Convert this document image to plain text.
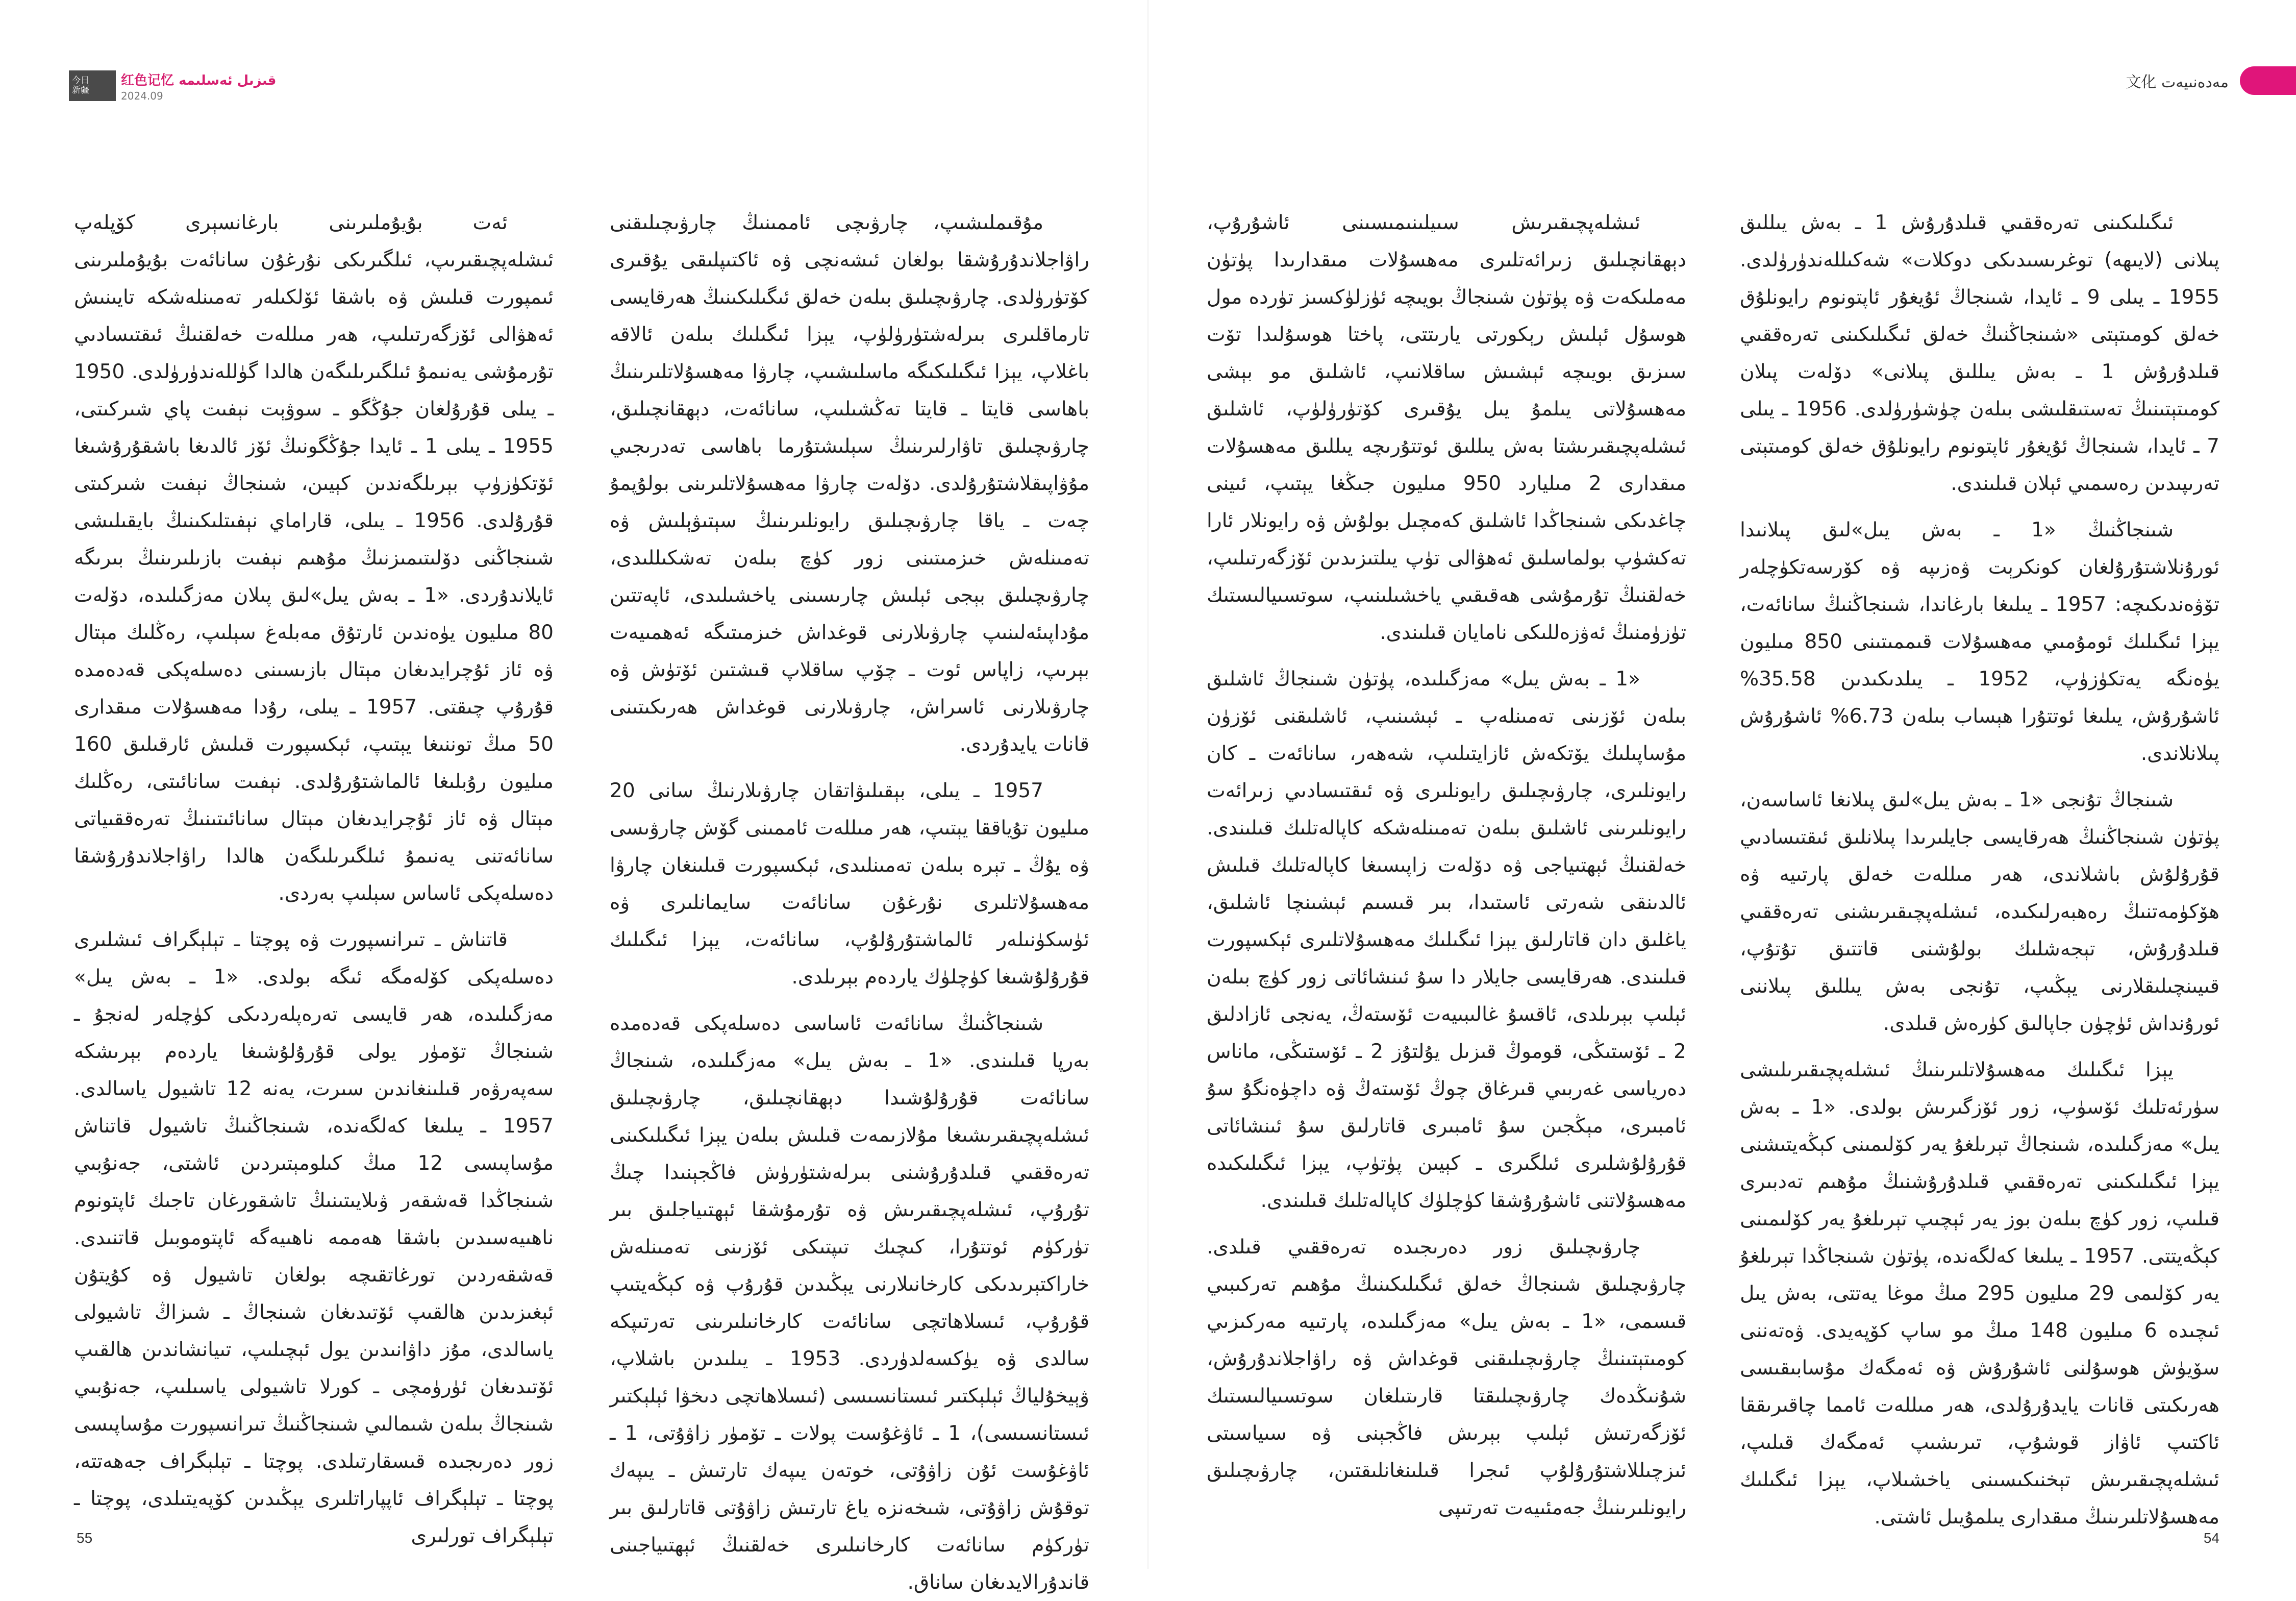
今日
新疆
قىزىل ئەسلىمە 红色记忆
2024.09
مەدەنىيەت 文化

ئىگىلىكىنى تەرەققىي قىلدۇرۇش 1 ـ بەش يىللىق پىلانى (لايىھە) توغرىسىدىكى دوكلات» شەكىللەندۈرۈلدى. 1955 ـ يىلى 9 ـ ئايدا، شىنجاڭ ئۇيغۇر ئاپتونوم رايونلۇق خەلق كومىتېتى «شىنجاڭنىڭ خەلق ئىگىلىكىنى تەرەققىي قىلدۇرۇش 1 ـ بەش يىللىق پىلانى» دۆلەت پىلان كومىتېتىنىڭ تەستىقلىشى بىلەن چۈشۈرۈلدى. 1956 ـ يىلى 7 ـ ئايدا، شىنجاڭ ئۇيغۇر ئاپتونوم رايونلۇق خەلق كومىتېتى تەرىپىدىن رەسمىي ئېلان قىلىندى.

شىنجاڭنىڭ «1 ـ بەش يىل»لىق پىلانىدا ئورۇنلاشتۇرۇلغان كونكرېت ۋەزىپە ۋە كۆرسەتكۈچلەر تۆۋەندىكىچە: 1957 ـ يىلىغا بارغاندا، شىنجاڭنىڭ سانائەت، يېزا ئىگىلىك ئومۇمىي مەھسۇلات قىممىتىنى 850 مىليون يۈەنگە يەتكۈزۈپ، 1952 ـ يىلدىكىدىن 35.58% ئاشۇرۇش، يىلىغا ئوتتۇرا ھېساب بىلەن 6.73% ئاشۇرۇش پىلانلاندى.

شىنجاڭ تۇنجى «1 ـ بەش يىل»لىق پىلانغا ئاساسەن، پۈتۈن شىنجاڭنىڭ ھەرقايسى جايلىرىدا پىلانلىق ئىقتىسادىي قۇرۇلۇش باشلاندى، ھەر مىللەت خەلق پارتىيە ۋە ھۆكۈمەتنىڭ رەھبەرلىكىدە، ئىشلەپچىقىرىشنى تەرەققىي قىلدۇرۇش، تېجەشلىك بولۇشنى قاتتىق تۇتۇپ، قىيىنچىلىقلارنى يېڭىپ، تۇنجى بەش يىللىق پىلاننى ئورۇنداش ئۈچۈن جاپالىق كۈرەش قىلدى.

يېزا ئىگىلىك مەھسۇلاتلىرىنىڭ ئىشلەپچىقىرىلىشى سۈرئەتلىك ئۆسۈپ، زور ئۆزگىرىش بولدى. «1 ـ بەش يىل» مەزگىلىدە، شىنجاڭ تېرىلغۇ يەر كۆلىمىنى كېڭەيتىشنى يېزا ئىگىلىكىنى تەرەققىي قىلدۇرۇشنىڭ مۇھىم تەدبىرى قىلىپ، زور كۈچ بىلەن بوز يەر ئېچىپ تېرىلغۇ يەر كۆلىمىنى كېڭەيتتى. 1957 ـ يىلىغا كەلگەندە، پۈتۈن شىنجاڭدا تېرىلغۇ يەر كۆلىمى 29 مىليون 295 مىڭ موغا يەتتى، بەش يىل ئىچىدە 6 مىليون 148 مىڭ مو ساپ كۆپەيدى. ۋەتەننى سۆيۈش ھوسۇلنى ئاشۇرۇش ۋە ئەمگەك مۇسابىقىسى ھەرىكىتى قانات يايدۇرۇلدى، ھەر مىللەت ئامما چاقىرىققا ئاكتىپ ئاۋاز قوشۇپ، تىرىشىپ ئەمگەك قىلىپ، ئىشلەپچىقىرىش تېخنىكىسىنى ياخشىلاپ، يېزا ئىگىلىك مەھسۇلاتلىرىنىڭ مىقدارى يىلمۇيىل ئاشتى.

ئىشلەپچىقىرىش سىيلىنىمىسىنى ئاشۇرۇپ، دېھقانچىلىق زىرائەتلىرى مەھسۇلات مىقدارىدا پۈتۈن مەملىكەت ۋە پۈتۈن شىنجاڭ بويىچە ئۈزلۈكسىز تۈردە مول ھوسۇل ئېلىش رېكورتى يارىتتى، پاختا ھوسۇلىدا تۆت سىزىق بويىچە ئېشىش ساقلانىپ، ئاشلىق مو بېشى مەھسۇلاتى يىلمۇ يىل يۇقىرى كۆتۈرۈلۈپ، ئاشلىق ئىشلەپچىقىرىشتا بەش يىللىق ئوتتۇرىچە يىللىق مەھسۇلات مىقدارى 2 مىليارد 950 مىليون جىڭغا يېتىپ، ئىينى چاغدىكى شىنجاڭدا ئاشلىق كەمچىل بولۇش ۋە رايونلار ئارا تەكشۈپ بولماسلىق ئەھۋالى تۈپ يىلتىزىدىن ئۆزگەرتىلىپ، خەلقنىڭ تۇرمۇشى ھەقىقىي ياخشىلىنىپ، سوتسىيالىستىك تۈزۈمنىڭ ئەۋزەللىكى نامايان قىلىندى.

«1 ـ بەش يىل» مەزگىلىدە، پۈتۈن شىنجاڭ ئاشلىق بىلەن ئۆزىنى تەمىنلەپ ـ ئېشىنىپ، ئاشلىقنى ئۆزۈن مۇساپىلىك يۆتكەش ئازايتىلىپ، شەھەر، سانائەت ـ كان رايونلىرى، چارۋىچىلىق رايونلىرى ۋە ئىقتىسادىي زىرائەت رايونلىرىنى ئاشلىق بىلەن تەمىنلەشكە كاپالەتلىك قىلىندى. خەلقنىڭ ئېھتىياجى ۋە دۆلەت زاپىسىغا كاپالەتلىك قىلىش ئالدىنقى شەرتى ئاستىدا، بىر قىسىم ئېشىنچا ئاشلىق، ياغلىق دان قاتارلىق يېزا ئىگىلىك مەھسۇلاتلىرى ئېكسپورت قىلىندى. ھەرقايسى جايلار دا سۇ ئىنشائاتى زور كۈچ بىلەن ئېلىپ بېرىلدى، ئاقسۇ غالىبىيەت ئۆستەڭ، يەنجى ئازادلىق 2 ـ ئۆستىڭى، قوموڭ قىزىل يۇلتۇز 2 ـ ئۆستىڭى، ماناس دەرياسى غەربىي قىرغاق چوڭ ئۆستەڭ ۋە داچۈەنگۇ سۇ ئامبىرى، مېڭجىن سۇ ئامبىرى قاتارلىق سۇ ئىنشائاتى قۇرۇلۇشلىرى ئىلگىرى ـ كېيىن پۈتۈپ، يېزا ئىگىلىكىدە مەھسۇلاتنى ئاشۇرۇشقا كۈچلۈك كاپالەتلىك قىلىندى.

چارۋىچىلىق زور دەرىجىدە تەرەققىي قىلدى. چارۋىچىلىق شىنجاڭ خەلق ئىگىلىكىنىڭ مۇھىم تەركىبىي قىسمى، «1 ـ بەش يىل» مەزگىلىدە، پارتىيە مەركىزىي كومىتېتىنىڭ چارۋىچىلىقنى قوغداش ۋە راۋاجلاندۇرۇش، شۇنىڭدەك چارۋىچىلىقتا قارىتىلغان سوتسىيالىستىك ئۆزگەرتىش ئېلىپ بېرىش فاڭجېنى ۋە سىياسىتى ئىزچىللاشتۇرۇلۇپ ئىجرا قىلىنغانلىقتىن، چارۋىچىلىق رايونلىرىنىڭ جەمئىيەت تەرتىپى

مۇقىملىشىپ، چارۋىچى ئاممىنىڭ چارۋىچىلىقنى راۋاجلاندۇرۇشقا بولغان ئىشەنچى ۋە ئاكتىپلىقى يۇقىرى كۆتۈرۈلدى. چارۋىچىلىق بىلەن خەلق ئىگىلىكىنىڭ ھەرقايسى تارماقلىرى بىرلەشتۈرۈلۈپ، يېزا ئىگىلىك بىلەن ئالاقە باغلاپ، يېزا ئىگىلىكىگە ماسلىشىپ، چارۋا مەھسۇلاتلىرىنىڭ باھاسى قايتا ـ قايتا تەڭشىلىپ، سانائەت، دېھقانچىلىق، چارۋىچىلىق تاۋارلىرىنىڭ سېلىشتۇرما باھاسى تەدرىجىي مۇۋاپىقلاشتۇرۇلدى. دۆلەت چارۋا مەھسۇلاتلىرىنى بولۇپمۇ چەت ـ ياقا چارۋىچىلىق رايونلىرىنىڭ سېتىۋېلىش ۋە تەمىنلەش خىزمىتىنى زور كۈچ بىلەن تەشكىللىدى، چارۋىچىلىق بېجى ئېلىش چارىسىنى ياخشىلىدى، ئاپەتتىن مۇداپىئەلىنىپ چارۋىلارنى قوغداش خىزمىتىگە ئەھمىيەت بېرىپ، زاپاس ئوت ـ چۆپ ساقلاپ قىشتىن ئۆتۈش ۋە چارۋىلارنى ئاسراش، چارۋىلارنى قوغداش ھەرىكىتىنى قانات يايدۇردى.

1957 ـ يىلى، بېقىلىۋاتقان چارۋىلارنىڭ سانى 20 مىليون تۇياققا يېتىپ، ھەر مىللەت ئاممىنى گۆش چارۋىسى ۋە يۇڭ ـ تېرە بىلەن تەمىنلىدى، ئېكسپورت قىلىنغان چارۋا مەھسۇلاتلىرى نۇرغۇن سانائەت سايمانلىرى ۋە ئۈسكۈنىلەر ئالماشتۇرۇلۇپ، سانائەت، يېزا ئىگىلىك قۇرۇلۇشىغا كۈچلۈك ياردەم بېرىلدى.

شىنجاڭنىڭ سانائەت ئاساسى دەسلەپكى قەدەمدە بەرپا قىلىندى. «1 ـ بەش يىل» مەزگىلىدە، شىنجاڭ سانائەت قۇرۇلۇشىدا دېھقانچىلىق، چارۋىچىلىق ئىشلەپچىقىرىشىغا مۇلازىمەت قىلىش بىلەن يېزا ئىگىلىكىنى تەرەققىي قىلدۇرۇشنى بىرلەشتۈرۈش فاڭجېنىدا چىڭ تۇرۇپ، ئىشلەپچىقىرىش ۋە تۇرمۇشقا ئېھتىياجلىق بىر تۈركۈم ئوتتۇرا، كىچىك تىپتىكى ئۆزىنى تەمىنلەش خاراكتېرىدىكى كارخانىلارنى يېڭىدىن قۇرۇپ ۋە كېڭەيتىپ قۇرۇپ، ئىسلاھاتچى سانائەت كارخانىلىرىنى تەرتىپكە سالدى ۋە يۈكسەلدۈردى. 1953 ـ يىلىدىن باشلاپ، ۋېيخۇلياڭ ئېلېكتىر ئىستانسىسى (ئىسلاھاتچى دىخۋا ئېلېكتىر ئىستانسىسى)، 1 ـ ئاۋغۇست پولات ـ تۆمۈر زاۋۇتى، 1 ـ ئاۋغۇست ئۇن زاۋۇتى، خوتەن يىپەك تارتىش ـ يىپەك توقۇش زاۋۇتى، شىخەنزە ياغ تارتىش زاۋۇتى قاتارلىق بىر تۈركۈم سانائەت كارخانىلىرى خەلقنىڭ ئېھتىياجىنى قاندۇرالايدىغان ساناق.

ئەت بۇيۇملىرىنى بارغانسېرى كۆپلەپ ئىشلەپچىقىرىپ، ئىلگىرىكى نۇرغۇن سانائەت بۇيۇملىرىنى ئىمپورت قىلىش ۋە باشقا ئۆلكىلەر تەمىنلەشكە تايىنىش ئەھۋالى ئۆزگەرتىلىپ، ھەر مىللەت خەلقنىڭ ئىقتىسادىي تۇرمۇشى يەنىمۇ ئىلگىرىلىگەن ھالدا گۈللەندۈرۈلدى. 1950 ـ يىلى قۇرۇلغان جۇڭگو ـ سوۋېت نېفىت پاي شىركىتى، 1955 ـ يىلى 1 ـ ئايدا جۇڭگونىڭ ئۆز ئالدىغا باشقۇرۇشىغا ئۆتكۈزۈپ بېرىلگەندىن كېيىن، شىنجاڭ نېفىت شىركىتى قۇرۇلدى. 1956 ـ يىلى، قاراماي نېفىتلىكىنىڭ بايقىلىشى شىنجاڭنى دۆلىتىمىزنىڭ مۇھىم نېفىت بازىلىرىنىڭ بىرىگە ئايلاندۇردى. «1 ـ بەش يىل»لىق پىلان مەزگىلىدە، دۆلەت 80 مىليون يۈەندىن ئارتۇق مەبلەغ سېلىپ، رەڭلىك مېتال ۋە ئاز ئۇچرايدىغان مېتال بازىسىنى دەسلەپكى قەدەمدە قۇرۇپ چىقتى. 1957 ـ يىلى، رۇدا مەھسۇلات مىقدارى 50 مىڭ توننىغا يېتىپ، ئېكسپورت قىلىش ئارقىلىق 160 مىليون رۇبلىغا ئالماشتۇرۇلدى. نېفىت سانائىتى، رەڭلىك مېتال ۋە ئاز ئۇچرايدىغان مېتال سانائىتىنىڭ تەرەققىياتى سانائەتنى يەنىمۇ ئىلگىرىلىگەن ھالدا راۋاجلاندۇرۇشقا دەسلەپكى ئاساس سېلىپ بەردى.

قاتناش ـ تىرانسپورت ۋە پوچتا ـ تېلېگراف ئىشلىرى دەسلەپكى كۆلەمگە ئىگە بولدى. «1 ـ بەش يىل» مەزگىلىدە، ھەر قايسى تەرەپلەردىكى كۈچلەر لەنجۇ ـ شىنجاڭ تۆمۈر يولى قۇرۇلۇشىغا ياردەم بېرىشكە سەپەرۋەر قىلىنغاندىن سىرت، يەنە 12 تاشيول ياسالدى. 1957 ـ يىلىغا كەلگەندە، شىنجاڭنىڭ تاشيول قاتناش مۇساپىسى 12 مىڭ كىلومېتىردىن ئاشتى، جەنۇبىي شىنجاڭدا قەشقەر ۋىلايىتىنىڭ تاشقورغان تاجىك ئاپتونوم ناھىيەسىدىن باشقا ھەممە ناھىيەگە ئاپتوموبىل قاتنىدى. قەشقەردىن تورغاتقىچە بولغان تاشيول ۋە كۇيتۇن ئېغىزىدىن ھالقىپ ئۆتىدىغان شىنجاڭ ـ شىزاڭ تاشيولى ياسالدى، مۇز داۋانىدىن يول ئېچىلىپ، تىيانشاندىن ھالقىپ ئۆتىدىغان ئۈرۈمچى ـ كورلا تاشيولى ياسىلىپ، جەنۇبىي شىنجاڭ بىلەن شىمالىي شىنجاڭنىڭ تىرانسپورت مۇساپىسى زور دەرىجىدە قىسقارتىلدى. پوچتا ـ تېلېگراف جەھەتتە، پوچتا ـ تېلېگراف ئاپپاراتلىرى يېڭىدىن كۆپەيتىلدى، پوچتا ـ تېلېگراف تورلىرى

55	54
